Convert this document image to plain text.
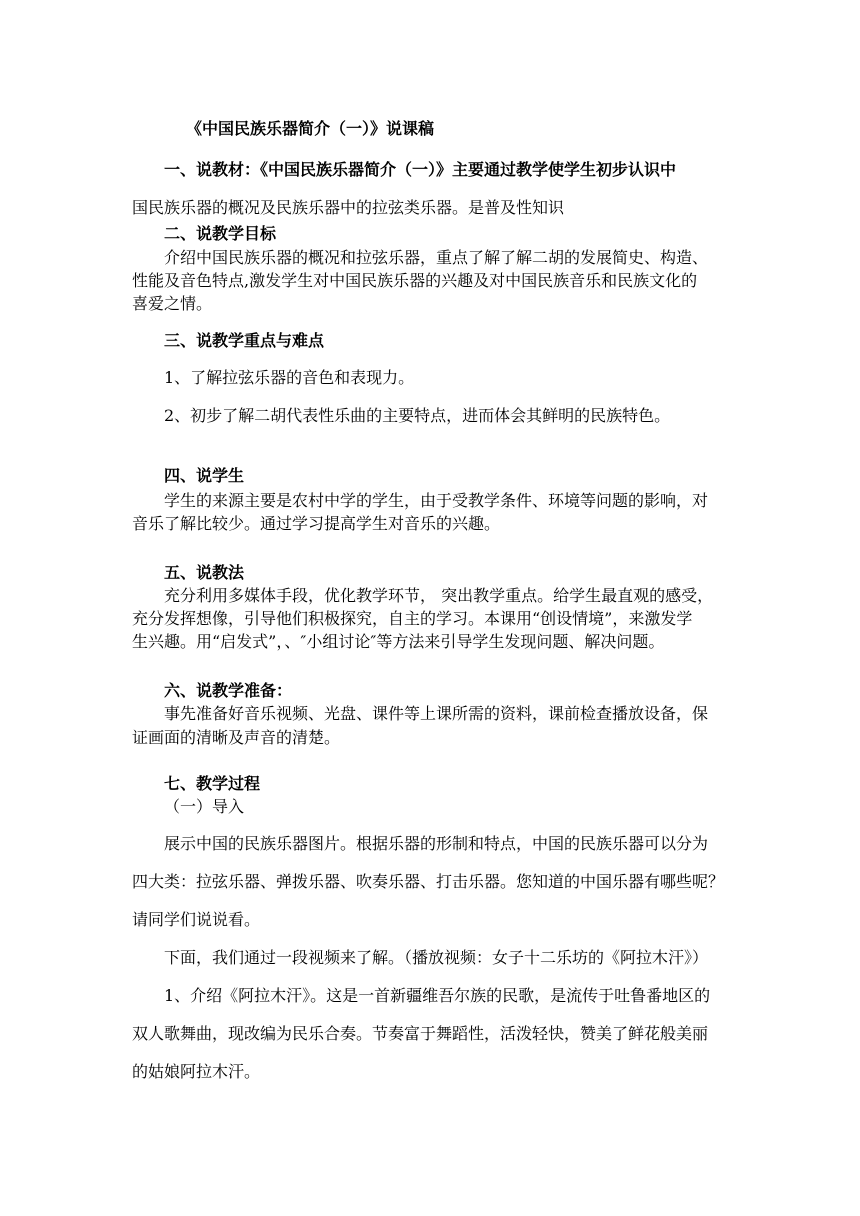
《中国民族乐器简介（一）》说课稿
一、说教材：《中国民族乐器简介（一）》主要通过教学使学生初步认识中
国民族乐器的概况及民族乐器中的拉弦类乐器。是普及性知识
二、说教学目标
介绍中国民族乐器的概况和拉弦乐器，重点了解了解二胡的发展简史、构造、
性能及音色特点,激发学生对中国民族乐器的兴趣及对中国民族音乐和民族文化的
喜爱之情。
三、说教学重点与难点
1、了解拉弦乐器的音色和表现力。
2、初步了解二胡代表性乐曲的主要特点，进而体会其鲜明的民族特色。
四、说学生
学生的来源主要是农村中学的学生，由于受教学条件、环境等问题的影响，对
音乐了解比较少。通过学习提高学生对音乐的兴趣。
五、说教法
充分利用多媒体手段，优化教学环节， 突出教学重点。给学生最直观的感受，
充分发挥想像，引导他们积极探究，自主的学习。本课用“创设情境”，来激发学
生兴趣。用“启发式”，、″小组讨论″等方法来引导学生发现问题、解决问题。
六、说教学准备：
事先准备好音乐视频、光盘、课件等上课所需的资料，课前检查播放设备，保
证画面的清晰及声音的清楚。
七、教学过程
（一）导入
展示中国的民族乐器图片。根据乐器的形制和特点，中国的民族乐器可以分为
四大类：拉弦乐器、弹拨乐器、吹奏乐器、打击乐器。您知道的中国乐器有哪些呢？
请同学们说说看。
下面，我们通过一段视频来了解。（播放视频：女子十二乐坊的《阿拉木汗》）
1、介绍《阿拉木汗》。这是一首新疆维吾尔族的民歌，是流传于吐鲁番地区的
双人歌舞曲，现改编为民乐合奏。节奏富于舞蹈性，活泼轻快，赞美了鲜花般美丽
的姑娘阿拉木汗。
